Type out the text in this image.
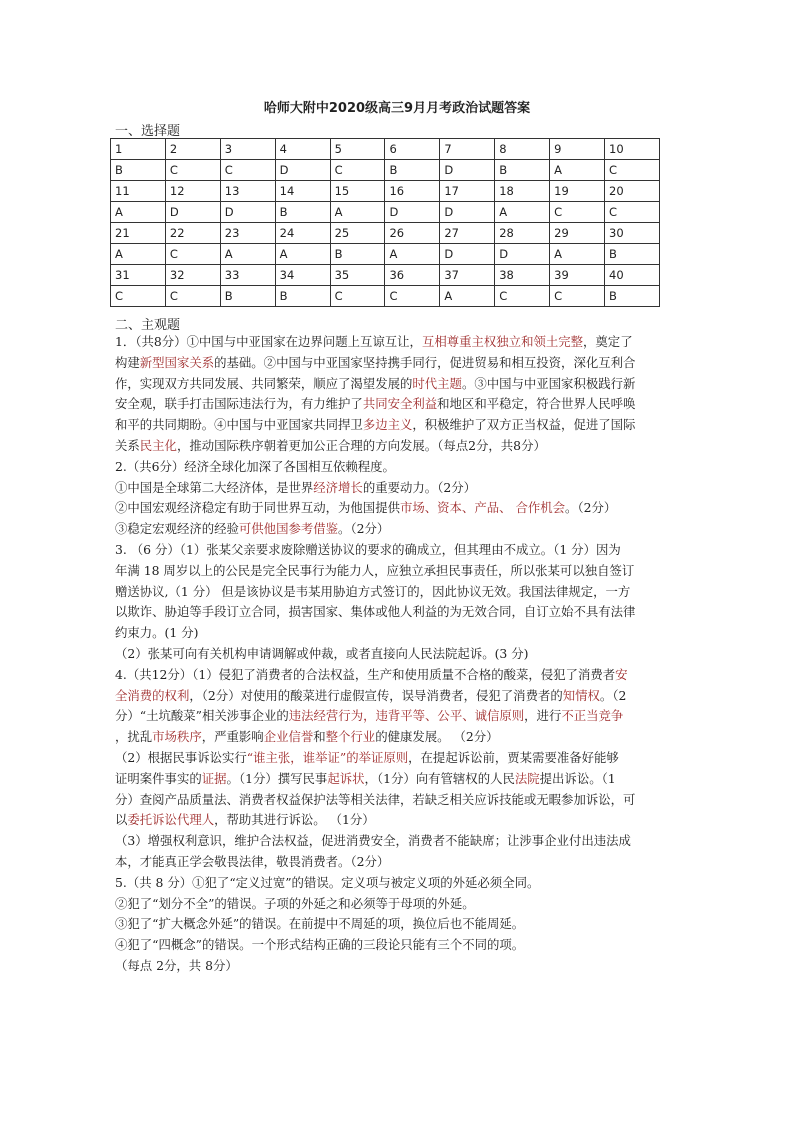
哈师大附中2020级高三9月月考政治试题答案
一、选择题
1	2	3	4	5	6	7	8	9	10
B	C	C	D	C	B	D	B	A	C
11	12	13	14	15	16	17	18	19	20
A	D	D	B	A	D	D	A	C	C
21	22	23	24	25	26	27	28	29	30
A	C	A	A	B	A	D	D	A	B
31	32	33	34	35	36	37	38	39	40
C	C	B	B	C	C	A	C	C	B
二、主观题
1．（共8分）①中国与中亚国家在边界问题上互谅互让，互相尊重主权独立和领土完整，奠定了
构建新型国家关系的基础。②中国与中亚国家坚持携手同行，促进贸易和相互投资，深化互利合
作，实现双方共同发展、共同繁荣，顺应了渴望发展的时代主题。③中国与中亚国家积极践行新
安全观，联手打击国际违法行为，有力维护了共同安全利益和地区和平稳定，符合世界人民呼唤
和平的共同期盼。④中国与中亚国家共同捍卫多边主义，积极维护了双方正当权益，促进了国际
关系民主化，推动国际秩序朝着更加公正合理的方向发展。（每点2分，共8分）
2.（共6分）经济全球化加深了各国相互依赖程度。
①中国是全球第二大经济体，是世界经济增长的重要动力。（2分）
②中国宏观经济稳定有助于同世界互动，为他国提供市场、资本、产品、 合作机会。（2分）
③稳定宏观经济的经验可供他国参考借鉴。（2分）
3. （6 分）（1）张某父亲要求废除赠送协议的要求的确成立，但其理由不成立。（1 分）因为
年满 18 周岁以上的公民是完全民事行为能力人，应独立承担民事责任，所以张某可以独自签订
赠送协议,（1 分） 但是该协议是韦某用胁迫方式签订的，因此协议无效。我国法律规定，一方
以欺诈、胁迫等手段订立合同，损害国家、集体或他人利益的为无效合同，自订立始不具有法律
约束力。(1 分)
（2）张某可向有关机构申请调解或仲裁，或者直接向人民法院起诉。(3 分)
4.（共12分）（1）侵犯了消费者的合法权益，生产和使用质量不合格的酸菜，侵犯了消费者安
全消费的权利，（2分）对使用的酸菜进行虚假宣传，误导消费者，侵犯了消费者的知情权。（2
分）“土坑酸菜”相关涉事企业的违法经营行为，违背平等、公平、诚信原则，进行不正当竞争
，扰乱市场秩序，严重影响企业信誉和整个行业的健康发展。 （2分）
（2）根据民事诉讼实行“谁主张，谁举证”的举证原则，在提起诉讼前，贾某需要准备好能够
证明案件事实的证据。（1分）撰写民事起诉状，（1分）向有管辖权的人民法院提出诉讼。（1
分）查阅产品质量法、消费者权益保护法等相关法律，若缺乏相关应诉技能或无暇参加诉讼，可
以委托诉讼代理人，帮助其进行诉讼。 （1分）
（3）增强权利意识，维护合法权益，促进消费安全，消费者不能缺席；让涉事企业付出违法成
本，才能真正学会敬畏法律，敬畏消费者。（2分）
5.（共 8 分）①犯了“定义过宽”的错误。定义项与被定义项的外延必须全同。
②犯了“划分不全”的错误。子项的外延之和必须等于母项的外延。
③犯了“扩大概念外延”的错误。在前提中不周延的项，换位后也不能周延。
④犯了“四概念”的错误。一个形式结构正确的三段论只能有三个不同的项。
（每点 2分，共 8分）
